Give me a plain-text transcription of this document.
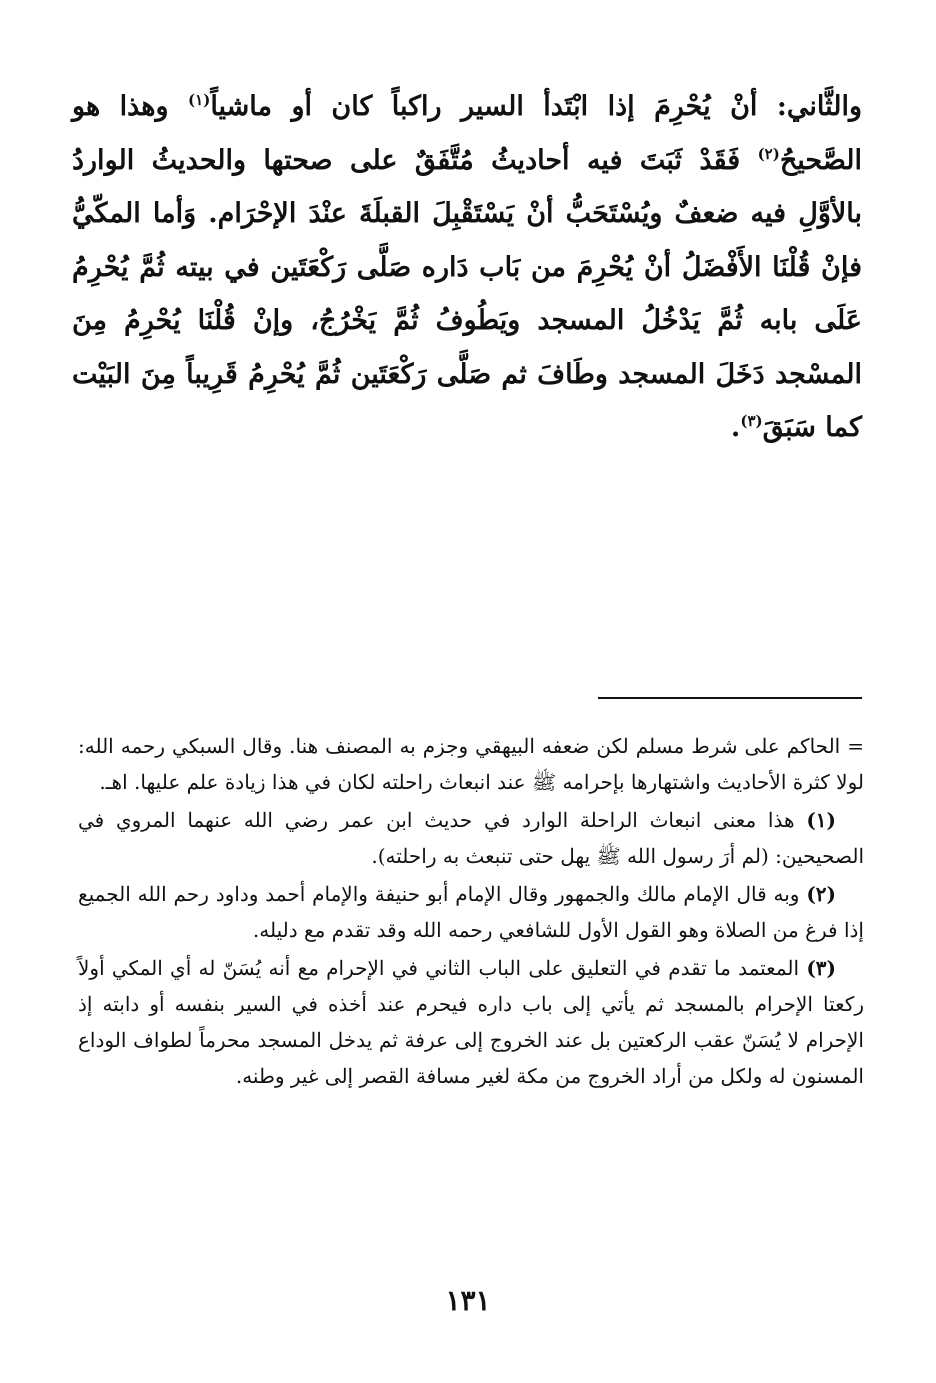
والثَّاني: أنْ يُحْرِمَ إذا ابْتَدأ السير راكباً كان أو ماشياً$^{(١)}$ وهذا هو الصَّحيحُ$^{(٢)}$ فَقَدْ ثَبَتَ فيه أحاديثُ مُتَّفَقٌ على صحتها والحديثُ الواردُ بالأوَّلِ فيه ضعفٌ ويُسْتَحَبُّ أنْ يَسْتَقْبِلَ القبلَةَ عنْدَ الإحْرَام. وَأما المكّيُّ فإنْ قُلْنَا الأَفْضَلُ أنْ يُحْرِمَ من بَاب دَاره صَلَّى رَكْعَتَين في بيته ثُمَّ يُحْرِمُ عَلَى بابه ثُمَّ يَدْخُلُ المسجد ويَطُوفُ ثُمَّ يَخْرُجُ، وإنْ قُلْنَا يُحْرِمُ مِنَ المسْجد دَخَلَ المسجد وطَافَ ثم صَلَّى رَكْعَتَين ثُمَّ يُحْرِمُ قَرِيباً مِنَ البَيْت كما سَبَقَ$^{(٣)}$.

= الحاكم على شرط مسلم لكن ضعفه البيهقي وجزم به المصنف هنا. وقال السبكي رحمه الله: لولا كثرة الأحاديث واشتهارها بإحرامه ﷺ عند انبعاث راحلته لكان في هذا زيادة علم عليها. اهـ.

(١) هذا معنى انبعاث الراحلة الوارد في حديث ابن عمر رضي الله عنهما المروي في الصحيحين: (لم أرَ رسول الله ﷺ يهل حتى تنبعث به راحلته).

(٢) وبه قال الإمام مالك والجمهور وقال الإمام أبو حنيفة والإمام أحمد وداود رحم الله الجميع إذا فرغ من الصلاة وهو القول الأول للشافعي رحمه الله وقد تقدم مع دليله.

(٣) المعتمد ما تقدم في التعليق على الباب الثاني في الإحرام مع أنه يُسَنّ له أي المكي أولاً ركعتا الإحرام بالمسجد ثم يأتي إلى باب داره فيحرم عند أخذه في السير بنفسه أو دابته إذ الإحرام لا يُسَنّ عقب الركعتين بل عند الخروج إلى عرفة ثم يدخل المسجد محرماً لطواف الوداع المسنون له ولكل من أراد الخروج من مكة لغير مسافة القصر إلى غير وطنه.

١٣١
